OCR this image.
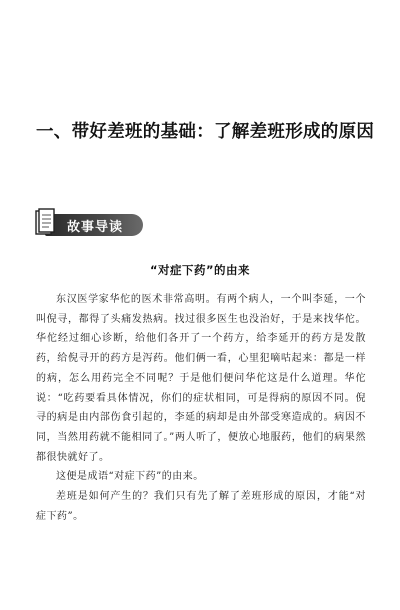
一、带好差班的基础：了解差班形成的原因
故事导读
“对症下药”的由来

东汉医学家华佗的医术非常高明。有两个病人，一个叫李延，一个叫倪寻，都得了头痛发热病。找过很多医生也没治好，于是来找华佗。华佗经过细心诊断，给他们各开了一个药方，给李延开的药方是发散药，给倪寻开的药方是泻药。他们俩一看，心里犯嘀咕起来：都是一样的病，怎么用药完全不同呢？于是他们便问华佗这是什么道理。华佗说：“吃药要看具体情况，你们的症状相同，可是得病的原因不同。倪寻的病是由内部伤食引起的，李延的病却是由外部受寒造成的。病因不同，当然用药就不能相同了。”两人听了，便放心地服药，他们的病果然都很快就好了。

这便是成语“对症下药”的由来。

差班是如何产生的？我们只有先了解了差班形成的原因，才能“对症下药”。
